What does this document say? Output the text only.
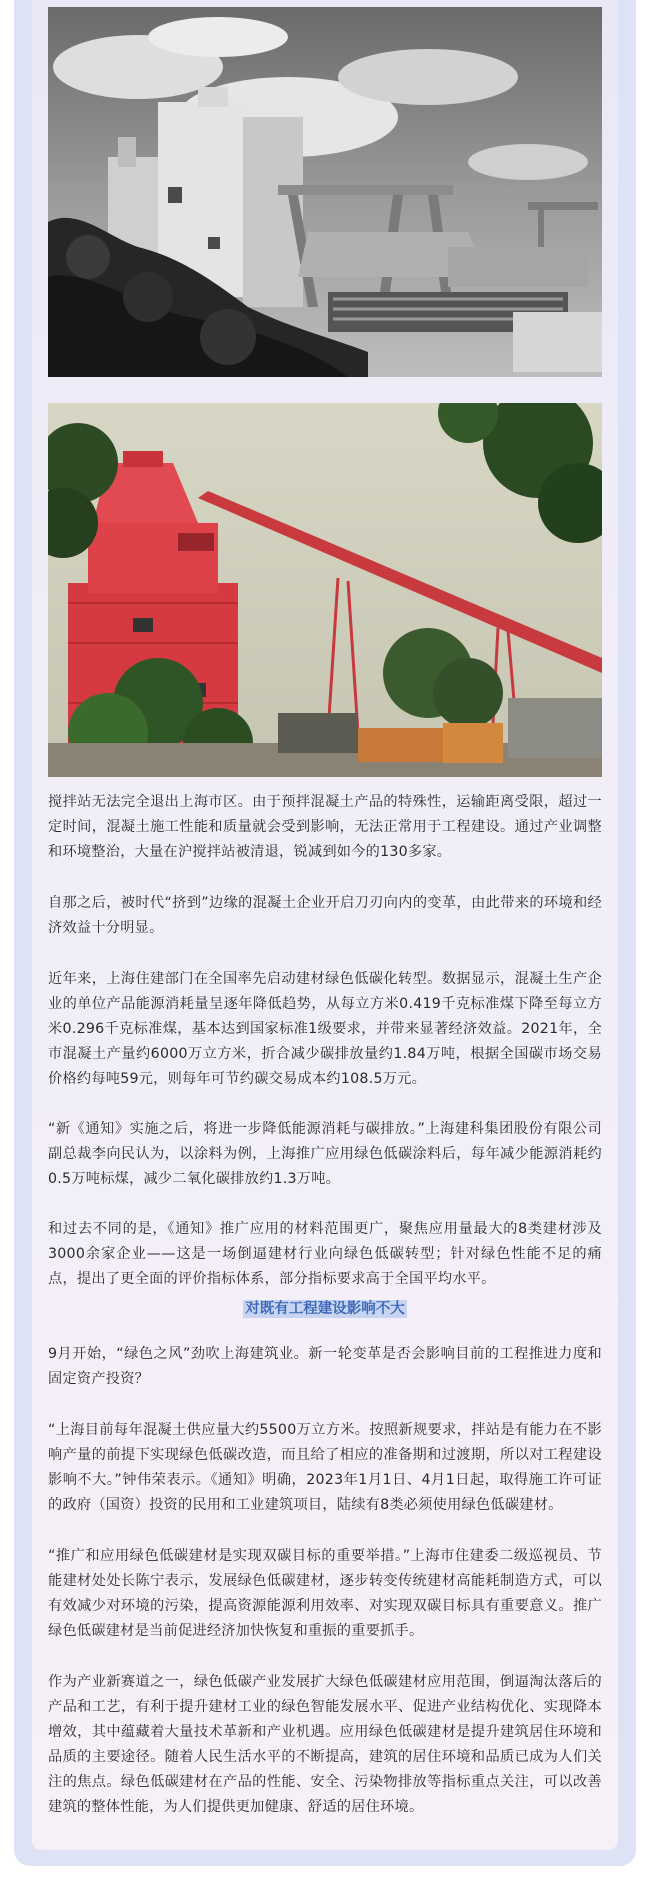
搅拌站无法完全退出上海市区。由于预拌混凝土产品的特殊性，运输距离受限，超过一定时间，混凝土施工性能和质量就会受到影响，无法正常用于工程建设。通过产业调整和环境整治，大量在沪搅拌站被清退，锐减到如今的130多家。

自那之后，被时代“挤到”边缘的混凝土企业开启刀刃向内的变革，由此带来的环境和经济效益十分明显。

近年来，上海住建部门在全国率先启动建材绿色低碳化转型。数据显示，混凝土生产企业的单位产品能源消耗量呈逐年降低趋势，从每立方米0.419千克标准煤下降至每立方米0.296千克标准煤，基本达到国家标准1级要求，并带来显著经济效益。2021年，全市混凝土产量约6000万立方米，折合减少碳排放量约1.84万吨，根据全国碳市场交易价格约每吨59元，则每年可节约碳交易成本约108.5万元。

“新《通知》实施之后，将进一步降低能源消耗与碳排放。”上海建科集团股份有限公司副总裁李向民认为，以涂料为例，上海推广应用绿色低碳涂料后，每年减少能源消耗约0.5万吨标煤，减少二氧化碳排放约1.3万吨。

和过去不同的是，《通知》推广应用的材料范围更广，聚焦应用量最大的8类建材涉及3000余家企业——这是一场倒逼建材行业向绿色低碳转型；针对绿色性能不足的痛点，提出了更全面的评价指标体系，部分指标要求高于全国平均水平。

对既有工程建设影响不大

9月开始，“绿色之风”劲吹上海建筑业。新一轮变革是否会影响目前的工程推进力度和固定资产投资？

“上海目前每年混凝土供应量大约5500万立方米。按照新规要求，拌站是有能力在不影响产量的前提下实现绿色低碳改造，而且给了相应的准备期和过渡期，所以对工程建设影响不大。”钟伟荣表示。《通知》明确，2023年1月1日、4月1日起，取得施工许可证的政府（国资）投资的民用和工业建筑项目，陆续有8类必须使用绿色低碳建材。

“推广和应用绿色低碳建材是实现双碳目标的重要举措。”上海市住建委二级巡视员、节能建材处处长陈宁表示，发展绿色低碳建材，逐步转变传统建材高能耗制造方式，可以有效减少对环境的污染，提高资源能源利用效率、对实现双碳目标具有重要意义。推广绿色低碳建材是当前促进经济加快恢复和重振的重要抓手。

作为产业新赛道之一，绿色低碳产业发展扩大绿色低碳建材应用范围，倒逼淘汰落后的产品和工艺，有利于提升建材工业的绿色智能发展水平、促进产业结构优化、实现降本增效，其中蕴藏着大量技术革新和产业机遇。应用绿色低碳建材是提升建筑居住环境和品质的主要途径。随着人民生活水平的不断提高，建筑的居住环境和品质已成为人们关注的焦点。绿色低碳建材在产品的性能、安全、污染物排放等指标重点关注，可以改善建筑的整体性能，为人们提供更加健康、舒适的居住环境。
